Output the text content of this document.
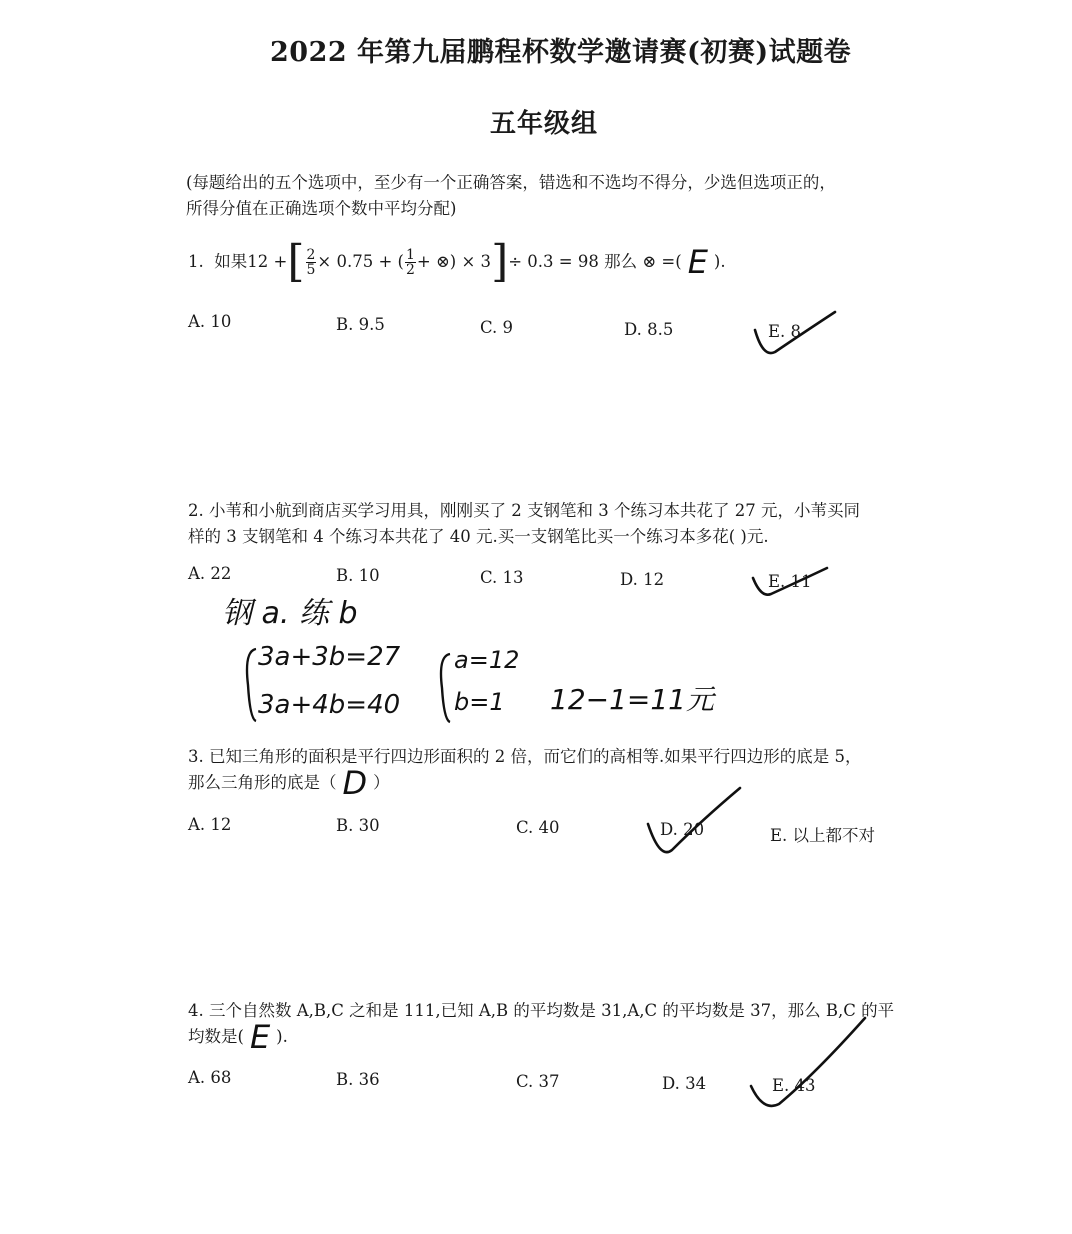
2022 年第九届鹏程杯数学邀请赛(初赛)试题卷
五年级组
(每题给出的五个选项中，至少有一个正确答案，错选和不选均不得分，少选但选项正的，
所得分值在正确选项个数中平均分配)
1.
如果12 + [ $\frac{2}{5} \times 0.75$ + ( $\frac{1}{2}$ + ⊗) × 3 ] ÷ 0.3 = 98 那么 ⊗ =( E ).
A. 10	B. 9.5	C. 9	D. 8.5	E. 8
2. 小苇和小航到商店买学习用具，刚刚买了 2 支钢笔和 3 个练习本共花了 27 元，小苇买同
样的 3 支钢笔和 4 个练习本共花了 40 元.买一支钢笔比买一个练习本多花( )元.
A. 22	B. 10	C. 13	D. 12	E. 11
钢 a. 练 b
3a+3b=27
3a+4b=40
a=12
b=1 12−1=11元
3. 已知三角形的面积是平行四边形面积的 2 倍，而它们的高相等.如果平行四边形的底是 5，
那么三角形的底是（ D ）
A. 12	B. 30	C. 40	D. 20	E. 以上都不对
4. 三个自然数 A,B,C 之和是 111,已知 A,B 的平均数是 31,A,C 的平均数是 37，那么 B,C 的平
均数是( E ).
A. 68	B. 36	C. 37	D. 34	E. 43
